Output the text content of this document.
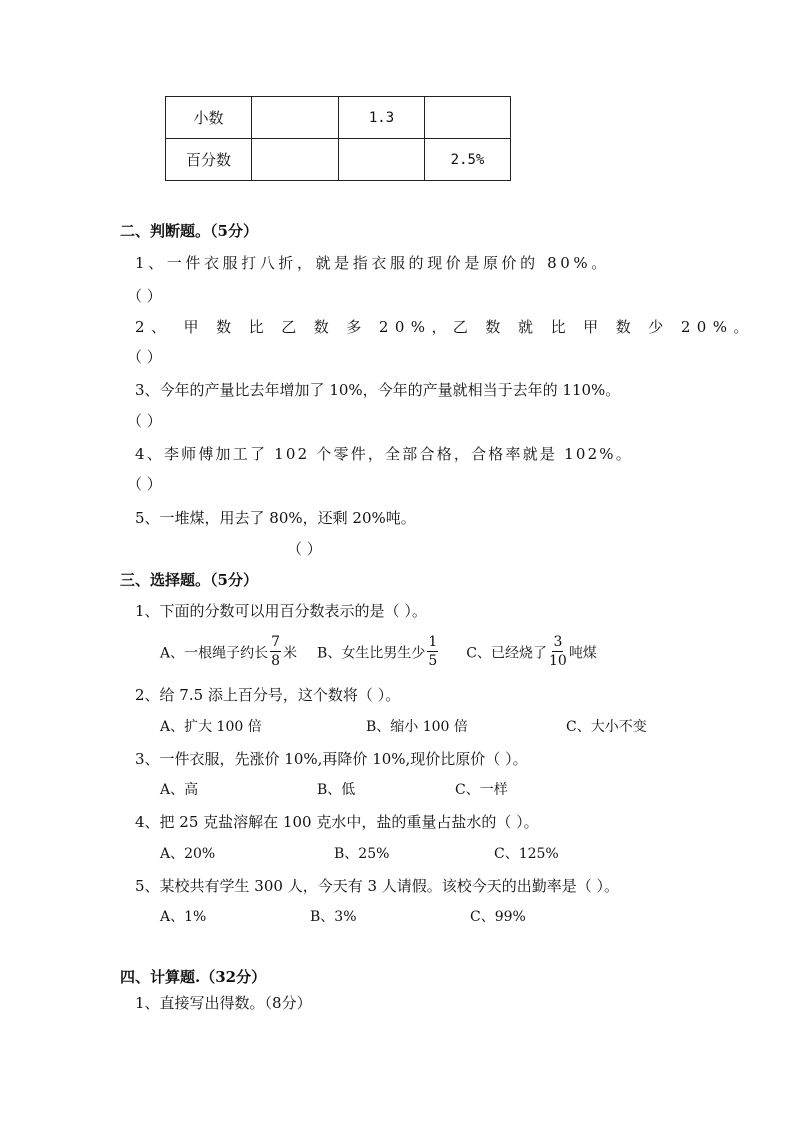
小数		1.3	
百分数			2.5%
二、判断题。（5分）
1、一件衣服打八折，就是指衣服的现价是原价的 80%。
（ ）
2、 甲 数 比 乙 数 多 20%，乙 数 就 比 甲 数 少 20%。
（ ）
3、今年的产量比去年增加了 10%，今年的产量就相当于去年的 110%。
（ ）
4、李师傅加工了 102 个零件，全部合格，合格率就是 102%。
（ ）
5、一堆煤，用去了 80%，还剩 20%吨。
（ ）
三、选择题。（5分）
1、下面的分数可以用百分数表示的是（ ）。
A、一根绳子约长 $\frac{7}{8}$ 米 B、女生比男生少 $\frac{1}{5}$ C、已经烧了 $\frac{3}{10}$ 吨煤
2、给 7.5 添上百分号，这个数将（ ）。
A、扩大 100 倍	B、缩小 100 倍	C、大小不变
3、一件衣服，先涨价 10%,再降价 10%,现价比原价（ ）。
A、高	B、低	C、一样
4、把 25 克盐溶解在 100 克水中，盐的重量占盐水的（ ）。
A、20%	B、25%	C、125%
5、某校共有学生 300 人，今天有 3 人请假。该校今天的出勤率是（ ）。
A、1%	B、3%	C、99%
四、计算题.（32分）
1、直接写出得数。（8分）
